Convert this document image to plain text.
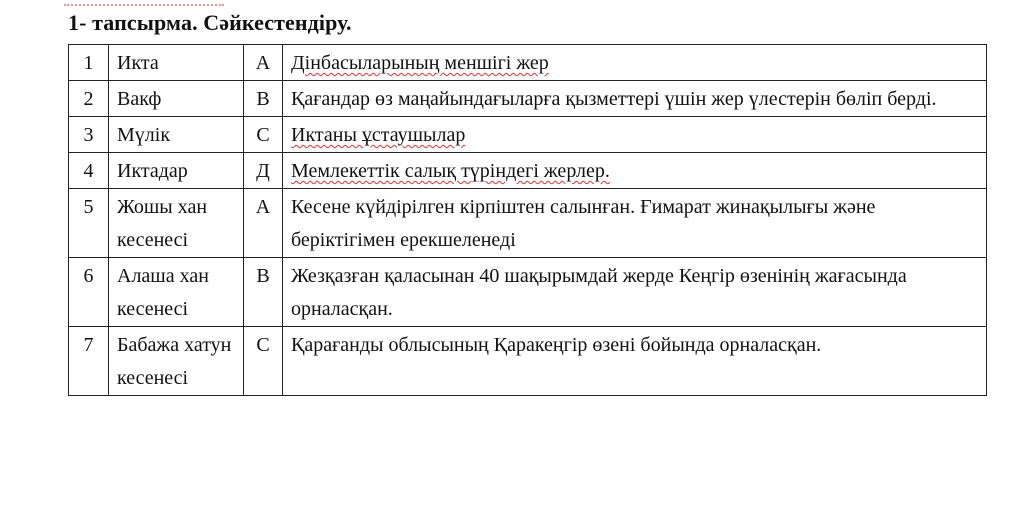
1- тапсырма. Сәйкестендіру.
1	Икта	А	Дінбасыларының меншігі жер
2	Вакф	В	Қағандар өз маңайындағыларға қызметтері үшін жер үлестерін бөліп берді.
3	Мүлік	С	Иктаны ұстаушылар
4	Иктадар	Д	Мемлекеттік салық түріндегі жерлер.
5	Жошы хан кесенесі	А	Кесене күйдірілген кірпіштен салынған. Ғимарат жинақылығы және беріктігімен ерекшеленеді
6	Алаша хан кесенесі	В	Жезқазған қаласынан 40 шақырымдай жерде Кеңгір өзенінің жағасында орналасқан.
7	Бабажа хатун кесенесі	С	Қарағанды облысының Қаракеңгір өзені бойында орналасқан.
